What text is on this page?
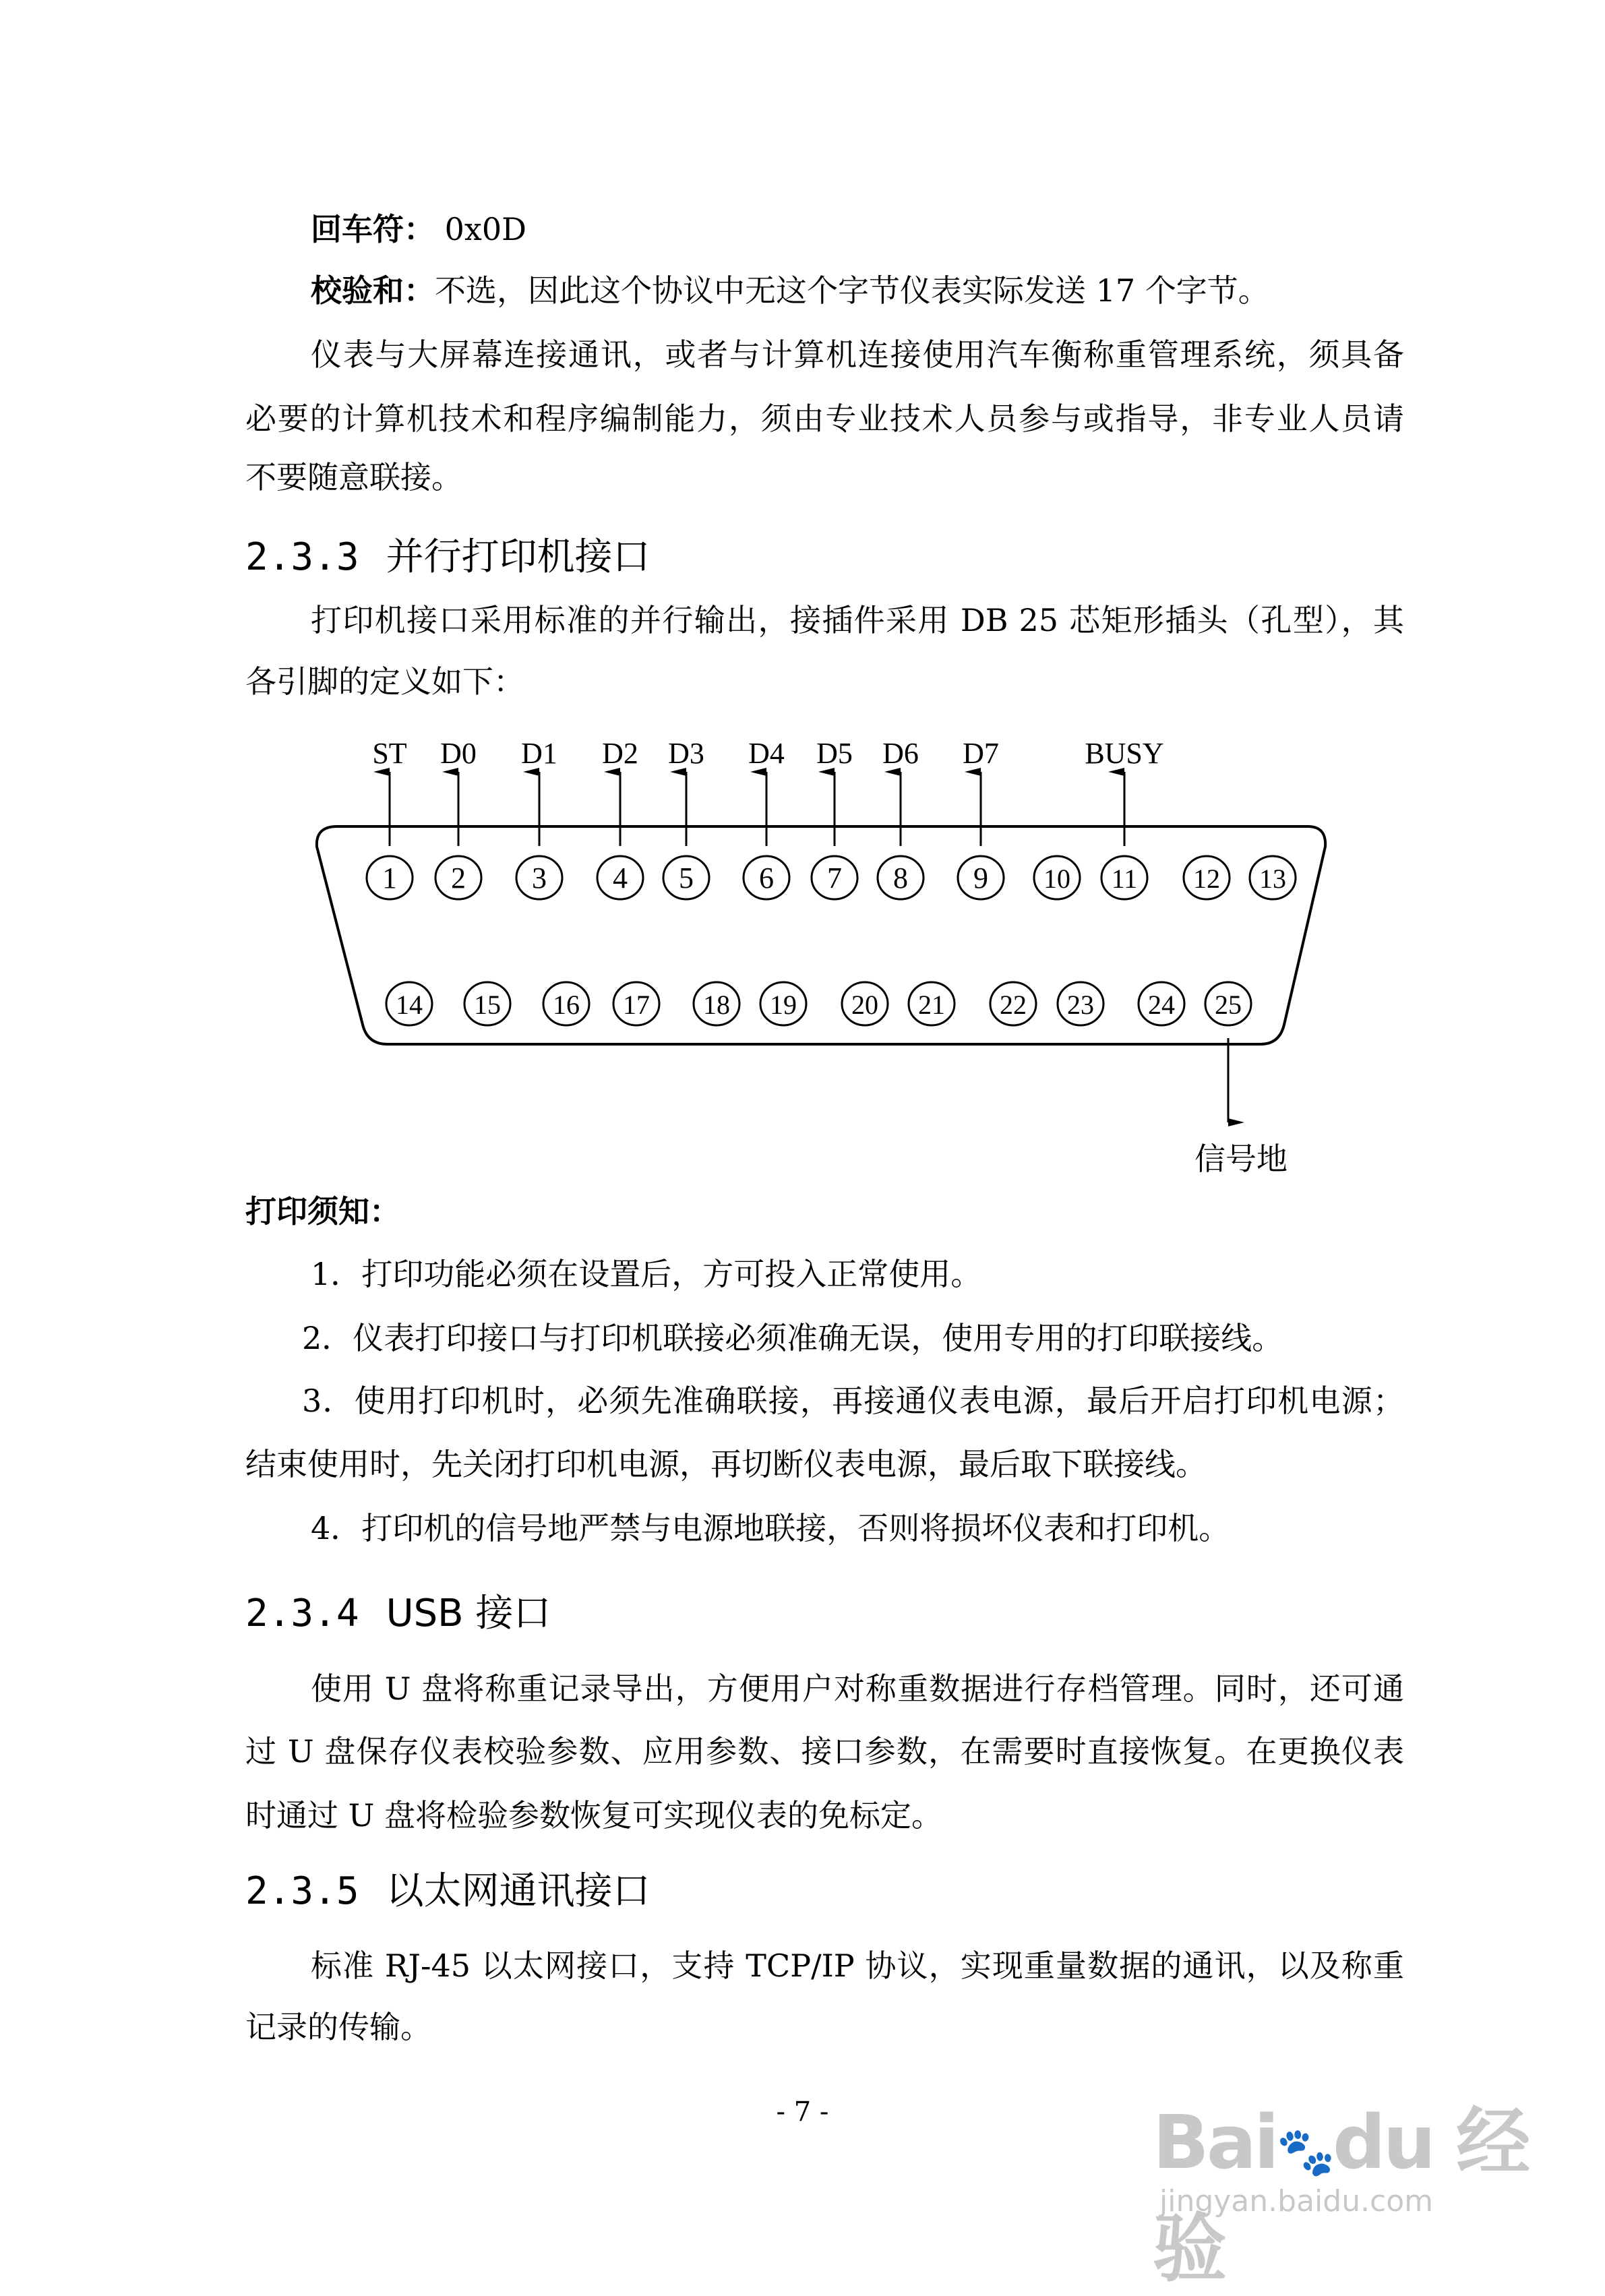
回车符： 0x0D
校验和：不选，因此这个协议中无这个字节仪表实际发送 17 个字节。
仪表与大屏幕连接通讯，或者与计算机连接使用汽车衡称重管理系统，须具备
必要的计算机技术和程序编制能力，须由专业技术人员参与或指导，非专业人员请
不要随意联接。
2.3.3 并行打印机接口
打印机接口采用标准的并行输出，接插件采用 DB 25 芯矩形插头（孔型），其
各引脚的定义如下：
1 2 3 4 5 6 7 8 9 10 11 12 13
14 15 16 17 18 19 20 21 22 23 24 25
ST D0 D1 D2 D3 D4 D5 D6 D7	BUSY
信号地
打印须知：
1．打印功能必须在设置后，方可投入正常使用。
2．仪表打印接口与打印机联接必须准确无误，使用专用的打印联接线。
3．使用打印机时，必须先准确联接，再接通仪表电源，最后开启打印机电源；
结束使用时，先关闭打印机电源，再切断仪表电源，最后取下联接线。
4．打印机的信号地严禁与电源地联接，否则将损坏仪表和打印机。
2.3.4 USB 接口
使用 U 盘将称重记录导出，方便用户对称重数据进行存档管理。同时，还可通
过 U 盘保存仪表校验参数、应用参数、接口参数，在需要时直接恢复。在更换仪表
时通过 U 盘将检验参数恢复可实现仪表的免标定。
2.3.5 以太网通讯接口
标准 RJ-45 以太网接口，支持 TCP/IP 协议，实现重量数据的通讯，以及称重
记录的传输。
- 7 -	Bai🐾du 经验
jingyan.baidu.com
